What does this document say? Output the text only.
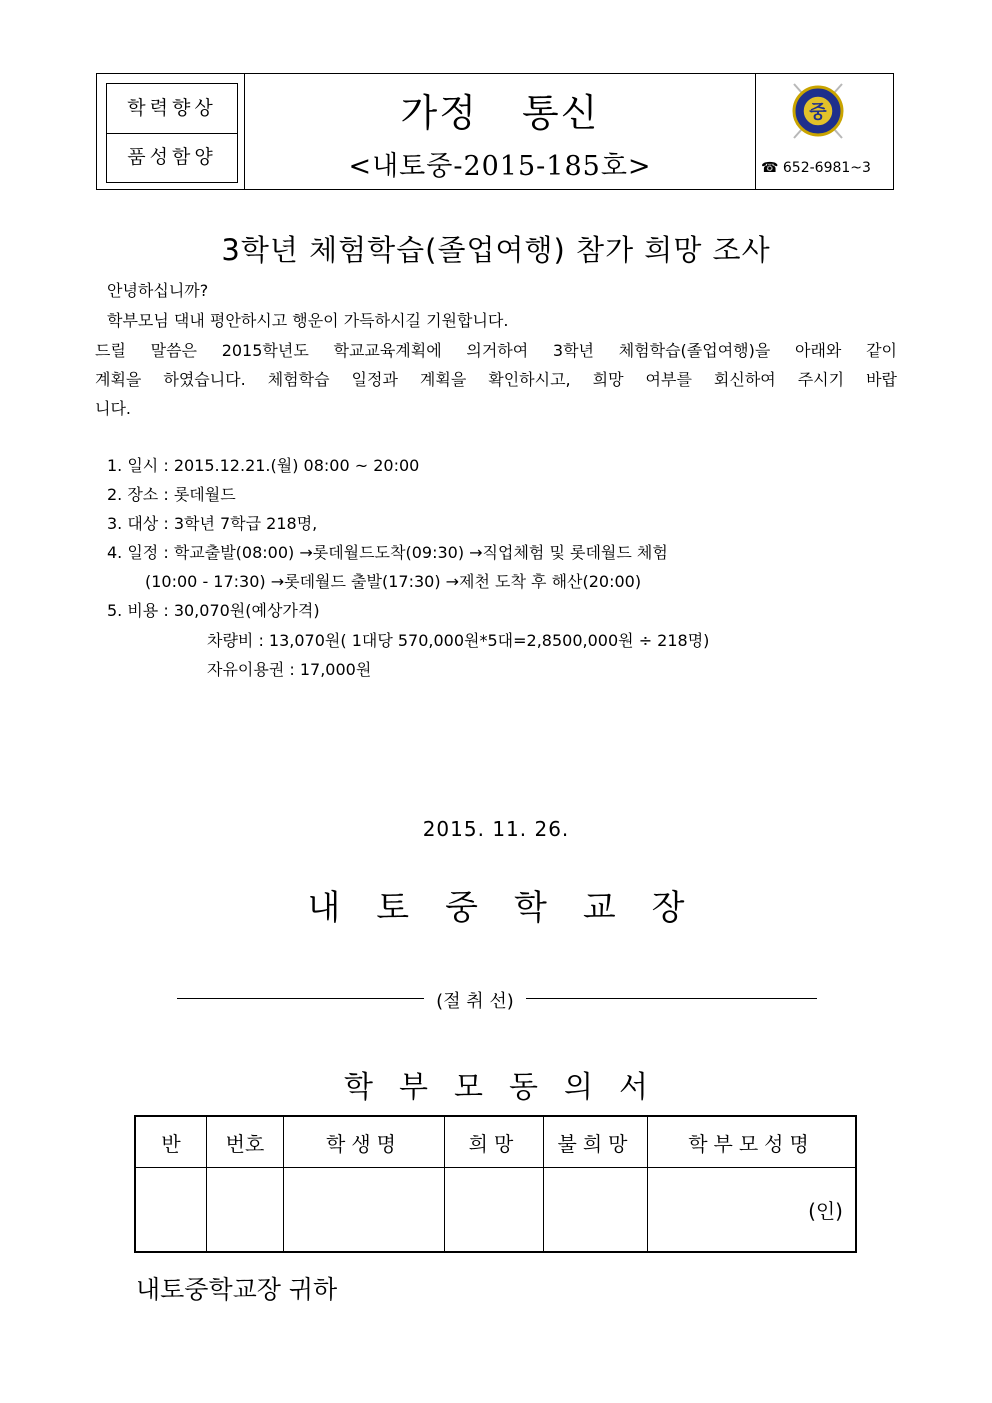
학력향상
품성함양
가정 통신
<내토중-2015-185호>
중
☎ 652-6981~3
3학년 체험학습(졸업여행) 참가 희망 조사
안녕하십니까?
학부모님 댁내 평안하시고 행운이 가득하시길 기원합니다.
드릴 말씀은 2015학년도 학교교육계획에 의거하여 3학년 체험학습(졸업여행)을 아래와 같이
계획을 하였습니다. 체험학습 일정과 계획을 확인하시고, 희망 여부를 회신하여 주시기 바랍
니다.
1. 일시 : 2015.12.21.(월) 08:00 ~ 20:00
2. 장소 : 롯데월드
3. 대상 : 3학년 7학급 218명,
4. 일정 : 학교출발(08:00) →롯데월드도착(09:30) →직업체험 및 롯데월드 체험
(10:00 - 17:30) →롯데월드 출발(17:30) →제천 도착 후 해산(20:00)
5. 비용 : 30,070원(예상가격)
차량비 : 13,070원( 1대당 570,000원*5대=2,8500,000원 ÷ 218명)
자유이용권 : 17,000원
2015. 11. 26.
내토중학교장
(절 취 선)
학부모동의서
반	번호	학생명	희망	불희망	학부모성명
					(인)
내토중학교장 귀하
